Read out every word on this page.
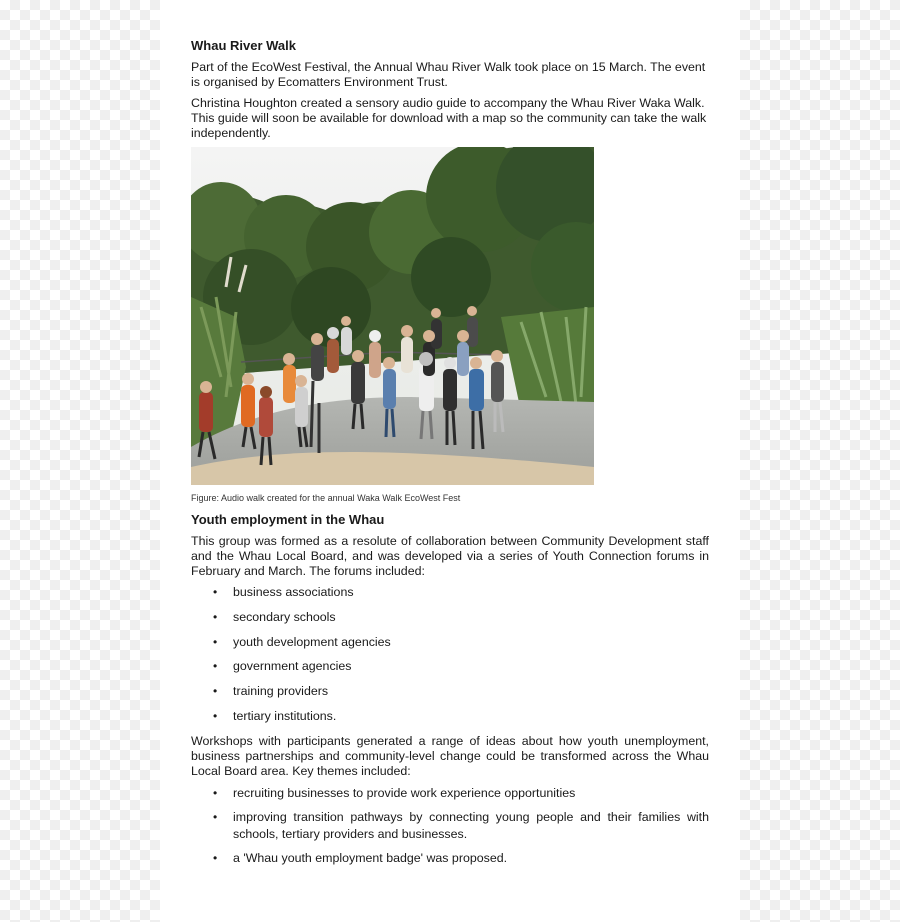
Whau River Walk

Part of the EcoWest Festival, the Annual Whau River Walk took place on 15 March. The event is organised by Ecomatters Environment Trust.

Christina Houghton created a sensory audio guide to accompany the Whau River Waka Walk. This guide will soon be available for download with a map so the community can take the walk independently.

Figure: Audio walk created for the annual Waka Walk EcoWest Fest

Youth employment in the Whau

This group was formed as a resolute of collaboration between Community Development staff and the Whau Local Board, and was developed via a series of Youth Connection forums in February and March. The forums included:

• business associations
• secondary schools
• youth development agencies
• government agencies
• training providers
• tertiary institutions.

Workshops with participants generated a range of ideas about how youth unemployment, business partnerships and community-level change could be transformed across the Whau Local Board area. Key themes included:

• recruiting businesses to provide work experience opportunities
• improving transition pathways by connecting young people and their families with schools, tertiary providers and businesses.
• a 'Whau youth employment badge' was proposed.
